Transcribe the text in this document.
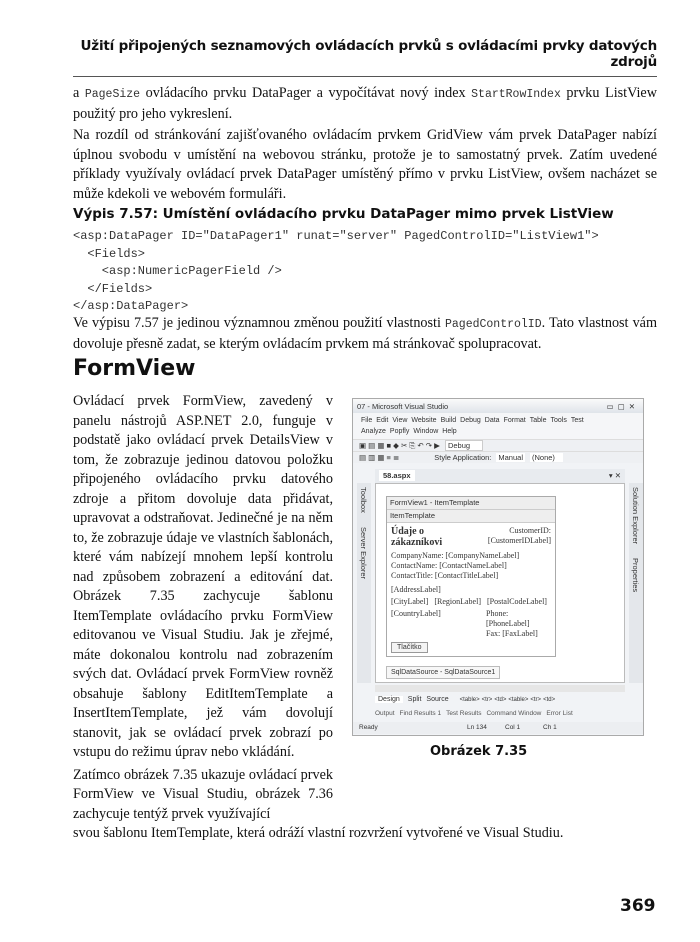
Užití připojených seznamových ovládacích prvků s ovládacími prvky datových zdrojů
a PageSize ovládacího prvku DataPager a vypočítávat nový index StartRowIndex prvku ListView použitý pro jeho vykreslení.
Na rozdíl od stránkování zajišťovaného ovládacím prvkem GridView vám prvek DataPager nabízí úplnou svobodu v umístění na webovou stránku, protože je to samostatný prvek. Zatím uvedené příklady využívaly ovládací prvek DataPager umístěný přímo v prvku ListView, ovšem nacházet se může kdekoli ve webovém formuláři.
Výpis 7.57: Umístění ovládacího prvku DataPager mimo prvek ListView
<asp:DataPager ID="DataPager1" runat="server" PagedControlID="ListView1">
<Fields>
<asp:NumericPagerField />
</Fields>
</asp:DataPager>
Ve výpisu 7.57 je jedinou významnou změnou použití vlastnosti PagedControlID. Tato vlastnost vám dovoluje přesně zadat, se kterým ovládacím prvkem má stránkovač spolupracovat.
FormView

Ovládací prvek FormView, zavedený v panelu nástrojů ASP.NET 2.0, funguje v podstatě jako ovládací prvek DetailsView v tom, že zobrazuje jedinou datovou položku připojeného ovládacího prvku datového zdroje a přitom dovoluje data přidávat, upravovat a odstraňovat. Jedinečné je na něm to, že zobrazuje údaje ve vlastních šablonách, které vám nabízejí mnohem lepší kontrolu nad způsobem zobrazení a editování dat. Obrázek 7.35 zachycuje šablonu ItemTemplate ovládacího prvku FormView editovanou ve Visual Studiu. Jak je zřejmé, máte dokonalou kontrolu nad zobrazením svých dat. Ovládací prvek FormView rovněž obsahuje šablony EditItemTemplate a InsertItemTemplate, jež vám dovolují stanovit, jak se ovládací prvek zobrazí po vstupu do režimu úprav nebo vkládání.

Zatímco obrázek 7.35 ukazuje ovládací prvek FormView ve Visual Studiu, obrázek 7.36 zachycuje tentýž prvek využívající

svou šablonu ItemTemplate, která odráží vlastní rozvržení vytvořené ve Visual Studiu.
07 - Microsoft Visual Studio	▭▢✕
File Edit View Website Build Debug Data Format Table Tools Test
Analyze Popfly Window Help
▣ ▤ ▦ ■ ◆ ✂ ⎘ ↶ ↷ ▶	Debug
▤ ▥ ▦ ≡ ≣	Style Application: Manual (None)
58.aspx	▾ ✕
ToolboxServer Explorer
Solution ExplorerProperties
FormView1 - ItemTemplate
ItemTemplate
Údaje o zákazníkovi
CustomerID:
[CustomerIDLabel]
CompanyName: [CompanyNameLabel]
ContactName: [ContactNameLabel]
ContactTitle: [ContactTitleLabel]
[AddressLabel]
[CityLabel] [RegionLabel] [PostalCodeLabel]
[CountryLabel]	Phone:
[PhoneLabel]
Fax: [FaxLabel]
Tlačítko
SqlDataSource - SqlDataSource1
Design	Split Source <table> <tr> <td> <table> <tr> <td>
Output Find Results 1 Test Results Command Window Error List
Ready	Ln 134	Col 1	Ch 1
Obrázek 7.35
369
